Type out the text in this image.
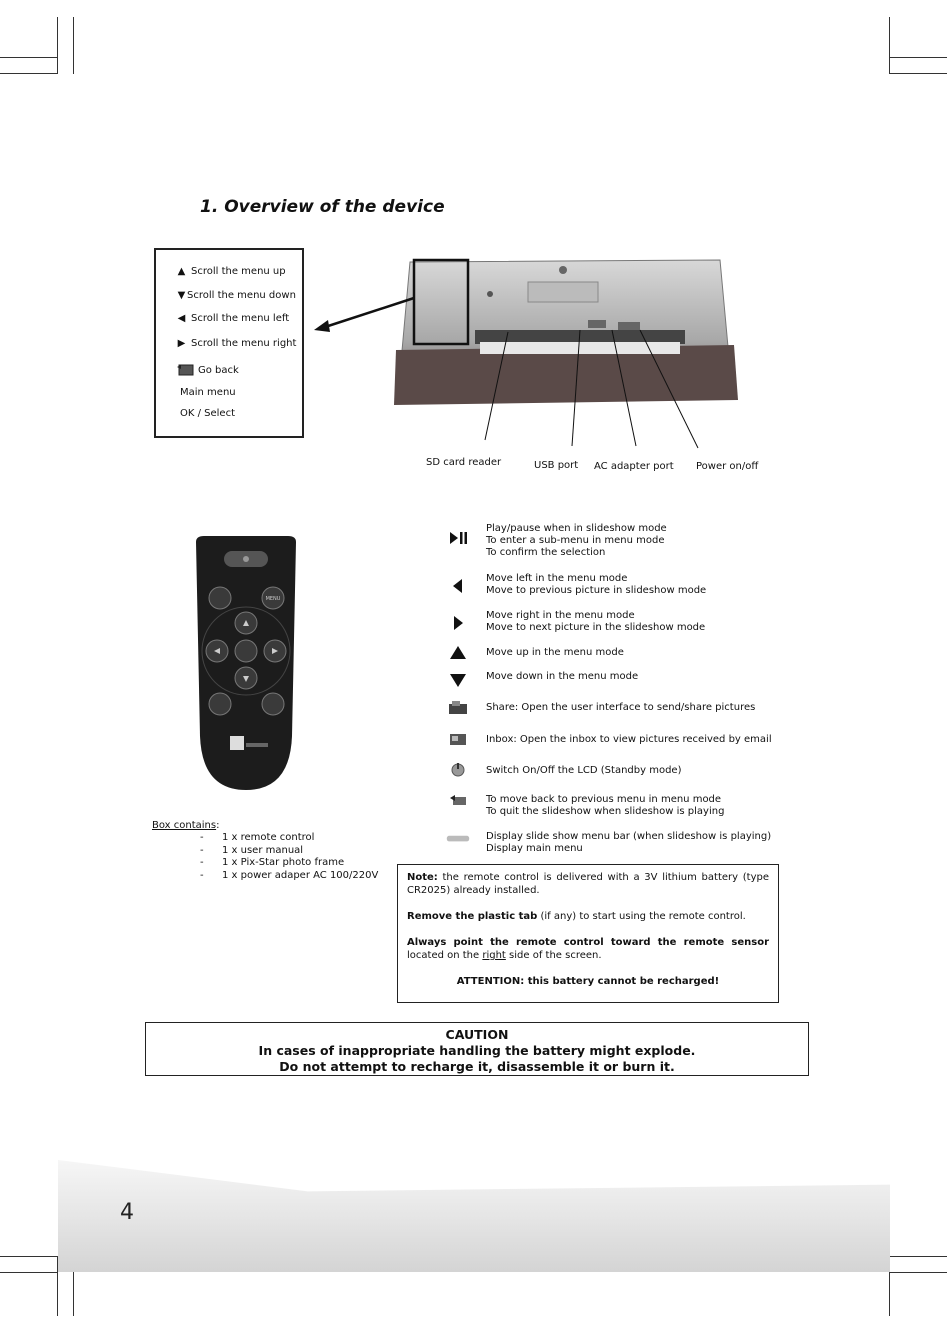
1. Overview of the device
▲ Scroll the menu up
▼ Scroll the menu down
◀ Scroll the menu left
▶ Scroll the menu right
Go back
Main menu
OK / Select
SD card reader	USB port AC adapter port Power on/off
MENU
Play/pause when in slideshow mode
To enter a sub-menu in menu mode
To confirm the selection
Move left in the menu mode
Move to previous picture in slideshow mode
Move right in the menu mode
Move to next picture in the slideshow mode
Move up in the menu mode
Move down in the menu mode
Share: Open the user interface to send/share pictures
Inbox: Open the inbox to view pictures received by email
Switch On/Off the LCD (Standby mode)
To move back to previous menu in menu mode
To quit the slideshow when slideshow is playing
Display slide show menu bar (when slideshow is playing)
Display main menu
Box contains:
- 1 x remote control
- 1 x user manual
- 1 x Pix-Star photo frame
- 1 x power adaper AC 100/220V	Note: the remote control is delivered with a 3V lithium battery (type CR2025) already installed.

Remove the plastic tab (if any) to start using the remote control.

Always point the remote control toward the remote sensor located on the right side of the screen.

ATTENTION: this battery cannot be recharged!

CAUTION
In cases of inappropriate handling the battery might explode.
Do not attempt to recharge it, disassemble it or burn it.
4
